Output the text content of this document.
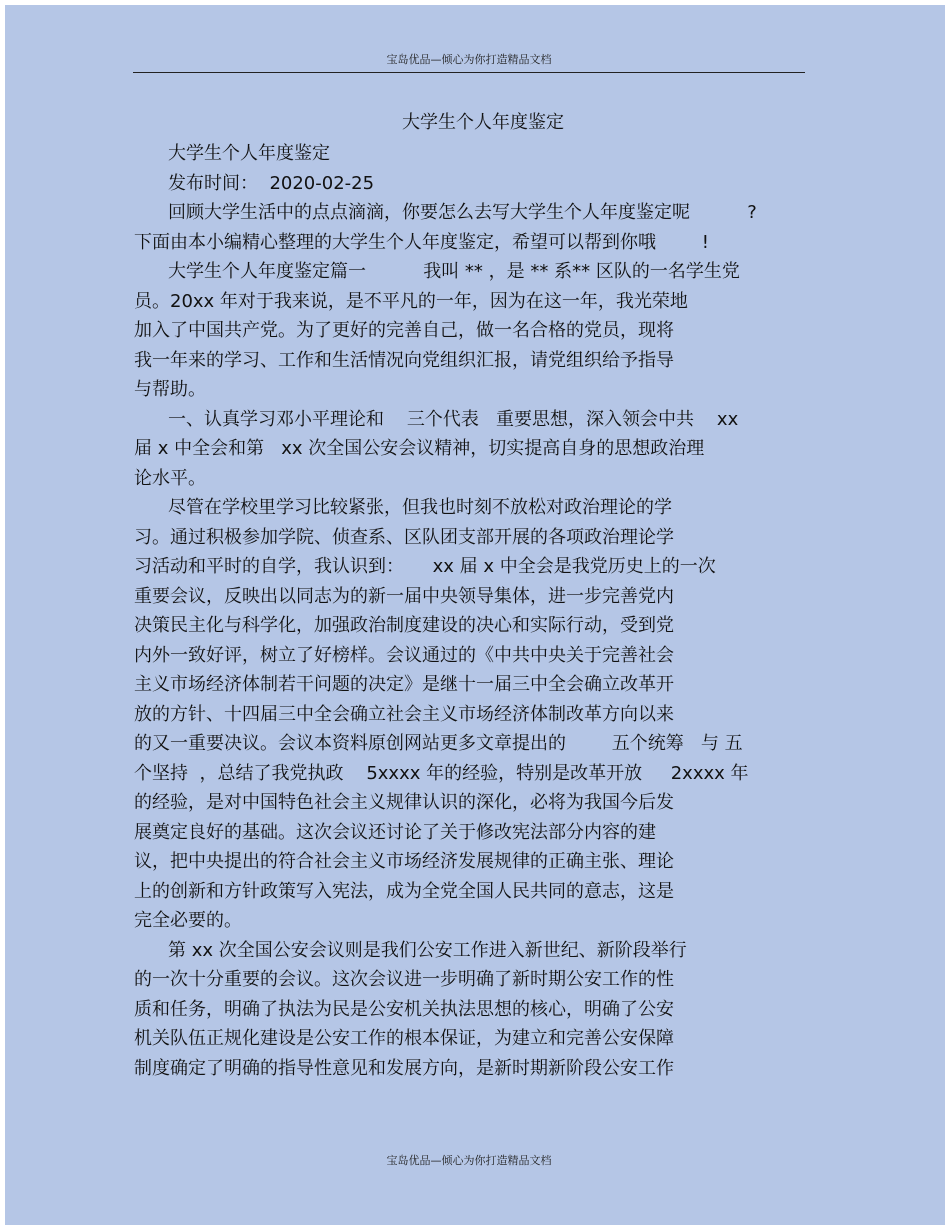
宝岛优品—倾心为你打造精品文档
大学生个人年度鉴定
大学生个人年度鉴定
发布时间：  2020-02-25
回顾大学生活中的点点滴滴，你要怎么去写大学生个人年度鉴定呢          ?
下面由本小编精心整理的大学生个人年度鉴定，希望可以帮到你哦        !
大学生个人年度鉴定篇一          我叫 ** ，是 ** 系** 区队的一名学生党
员。20xx 年对于我来说，是不平凡的一年，因为在这一年，我光荣地
加入了中国共产党。为了更好的完善自己，做一名合格的党员，现将
我一年来的学习、工作和生活情况向党组织汇报，请党组织给予指导
与帮助。
一、认真学习邓小平理论和    三个代表   重要思想，深入领会中共    xx
届 x 中全会和第   xx 次全国公安会议精神，切实提高自身的思想政治理
论水平。
尽管在学校里学习比较紧张，但我也时刻不放松对政治理论的学
习。通过积极参加学院、侦查系、区队团支部开展的各项政治理论学
习活动和平时的自学，我认识到：     xx 届 x 中全会是我党历史上的一次
重要会议，反映出以同志为的新一届中央领导集体，进一步完善党内
决策民主化与科学化，加强政治制度建设的决心和实际行动，受到党
内外一致好评，树立了好榜样。会议通过的《中共中央关于完善社会
主义市场经济体制若干问题的决定》是继十一届三中全会确立改革开
放的方针、十四届三中全会确立社会主义市场经济体制改革方向以来
的又一重要决议。会议本资料原创网站更多文章提出的        五个统筹   与 五
个坚持  ，总结了我党执政    5xxxx 年的经验，特别是改革开放     2xxxx 年
的经验，是对中国特色社会主义规律认识的深化，必将为我国今后发
展奠定良好的基础。这次会议还讨论了关于修改宪法部分内容的建
议，把中央提出的符合社会主义市场经济发展规律的正确主张、理论
上的创新和方针政策写入宪法，成为全党全国人民共同的意志，这是
完全必要的。
第 xx 次全国公安会议则是我们公安工作进入新世纪、新阶段举行
的一次十分重要的会议。这次会议进一步明确了新时期公安工作的性
质和任务，明确了执法为民是公安机关执法思想的核心，明确了公安
机关队伍正规化建设是公安工作的根本保证，为建立和完善公安保障
制度确定了明确的指导性意见和发展方向，是新时期新阶段公安工作
宝岛优品—倾心为你打造精品文档
